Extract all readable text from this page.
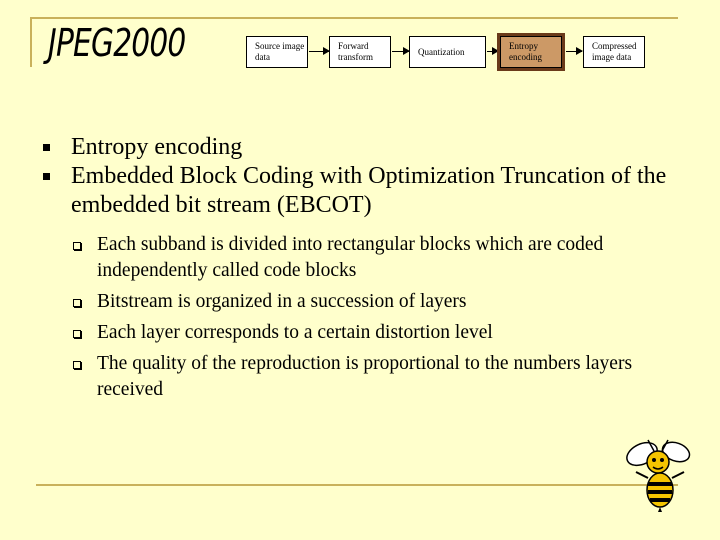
JPEG2000	Source image data
Forward transform
Quantization
Entropy encoding
Compressed image data
Entropy encoding
Embedded Block Coding with Optimization Truncation of the embedded bit stream (EBCOT)
Each subband is divided into rectangular blocks which are coded independently called code blocks
Bitstream is organized in a succession of layers
Each layer corresponds to a certain distortion level
The quality of the reproduction is proportional to the numbers layers received
